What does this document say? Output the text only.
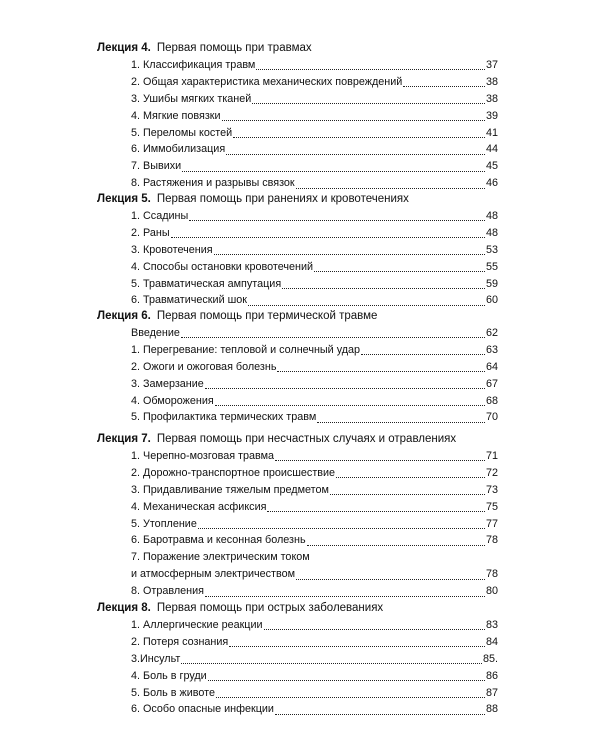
Лекция 4. Первая помощь при травмах
1. Классификация травм	37
2. Общая характеристика механических повреждений	38
3. Ушибы мягких тканей	38
4. Мягкие повязки	39
5. Переломы костей	41
6. Иммобилизация	44
7. Вывихи	45
8. Растяжения и разрывы связок	46
Лекция 5. Первая помощь при ранениях и кровотечениях
1. Ссадины	48
2. Раны	48
3. Кровотечения	53
4. Способы остановки кровотечений	55
5. Травматическая ампутация	59
6. Травматический шок	60
Лекция 6. Первая помощь при термической травме
Введение	62
1. Перегревание: тепловой и солнечный удар	63
2. Ожоги и ожоговая болезнь	64
3. Замерзание	67
4. Обморожения	68
5. Профилактика термических травм	70
Лекция 7. Первая помощь при несчастных случаях и отравлениях
1. Черепно-мозговая травма	71
2. Дорожно-транспортное происшествие	72
3. Придавливание тяжелым предметом	73
4. Механическая асфиксия	75
5. Утопление	77
6. Баротравма и кесонная болезнь	78
7. Поражение электрическим током
и атмосферным электричеством	78
8. Отравления	80
Лекция 8. Первая помощь при острых заболеваниях
1. Аллергические реакции	83
2. Потеря сознания	84
3.Инсульт	85.
4. Боль в груди	86
5. Боль в животе	87
6. Особо опасные инфекции	88
